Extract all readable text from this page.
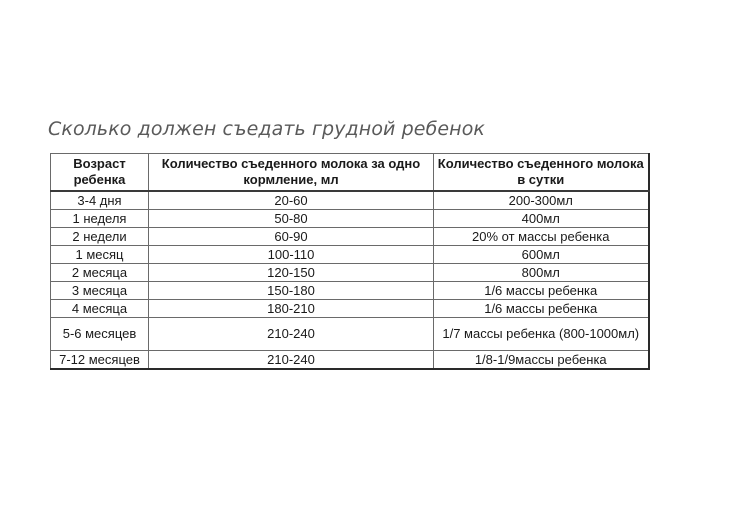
Сколько должен съедать грудной ребенок
Возраст ребенка	Количество съеденного молока за одно кормление, мл	Количество съеденного молока в сутки
3-4 дня	20-60	200-300мл
1 неделя	50-80	400мл
2 недели	60-90	20% от массы ребенка
1 месяц	100-110	600мл
2 месяца	120-150	800мл
3 месяца	150-180	1/6 массы ребенка
4 месяца	180-210	1/6 массы ребенка
5-6 месяцев	210-240	1/7 массы ребенка (800-1000мл)
7-12 месяцев	210-240	1/8-1/9массы ребенка
